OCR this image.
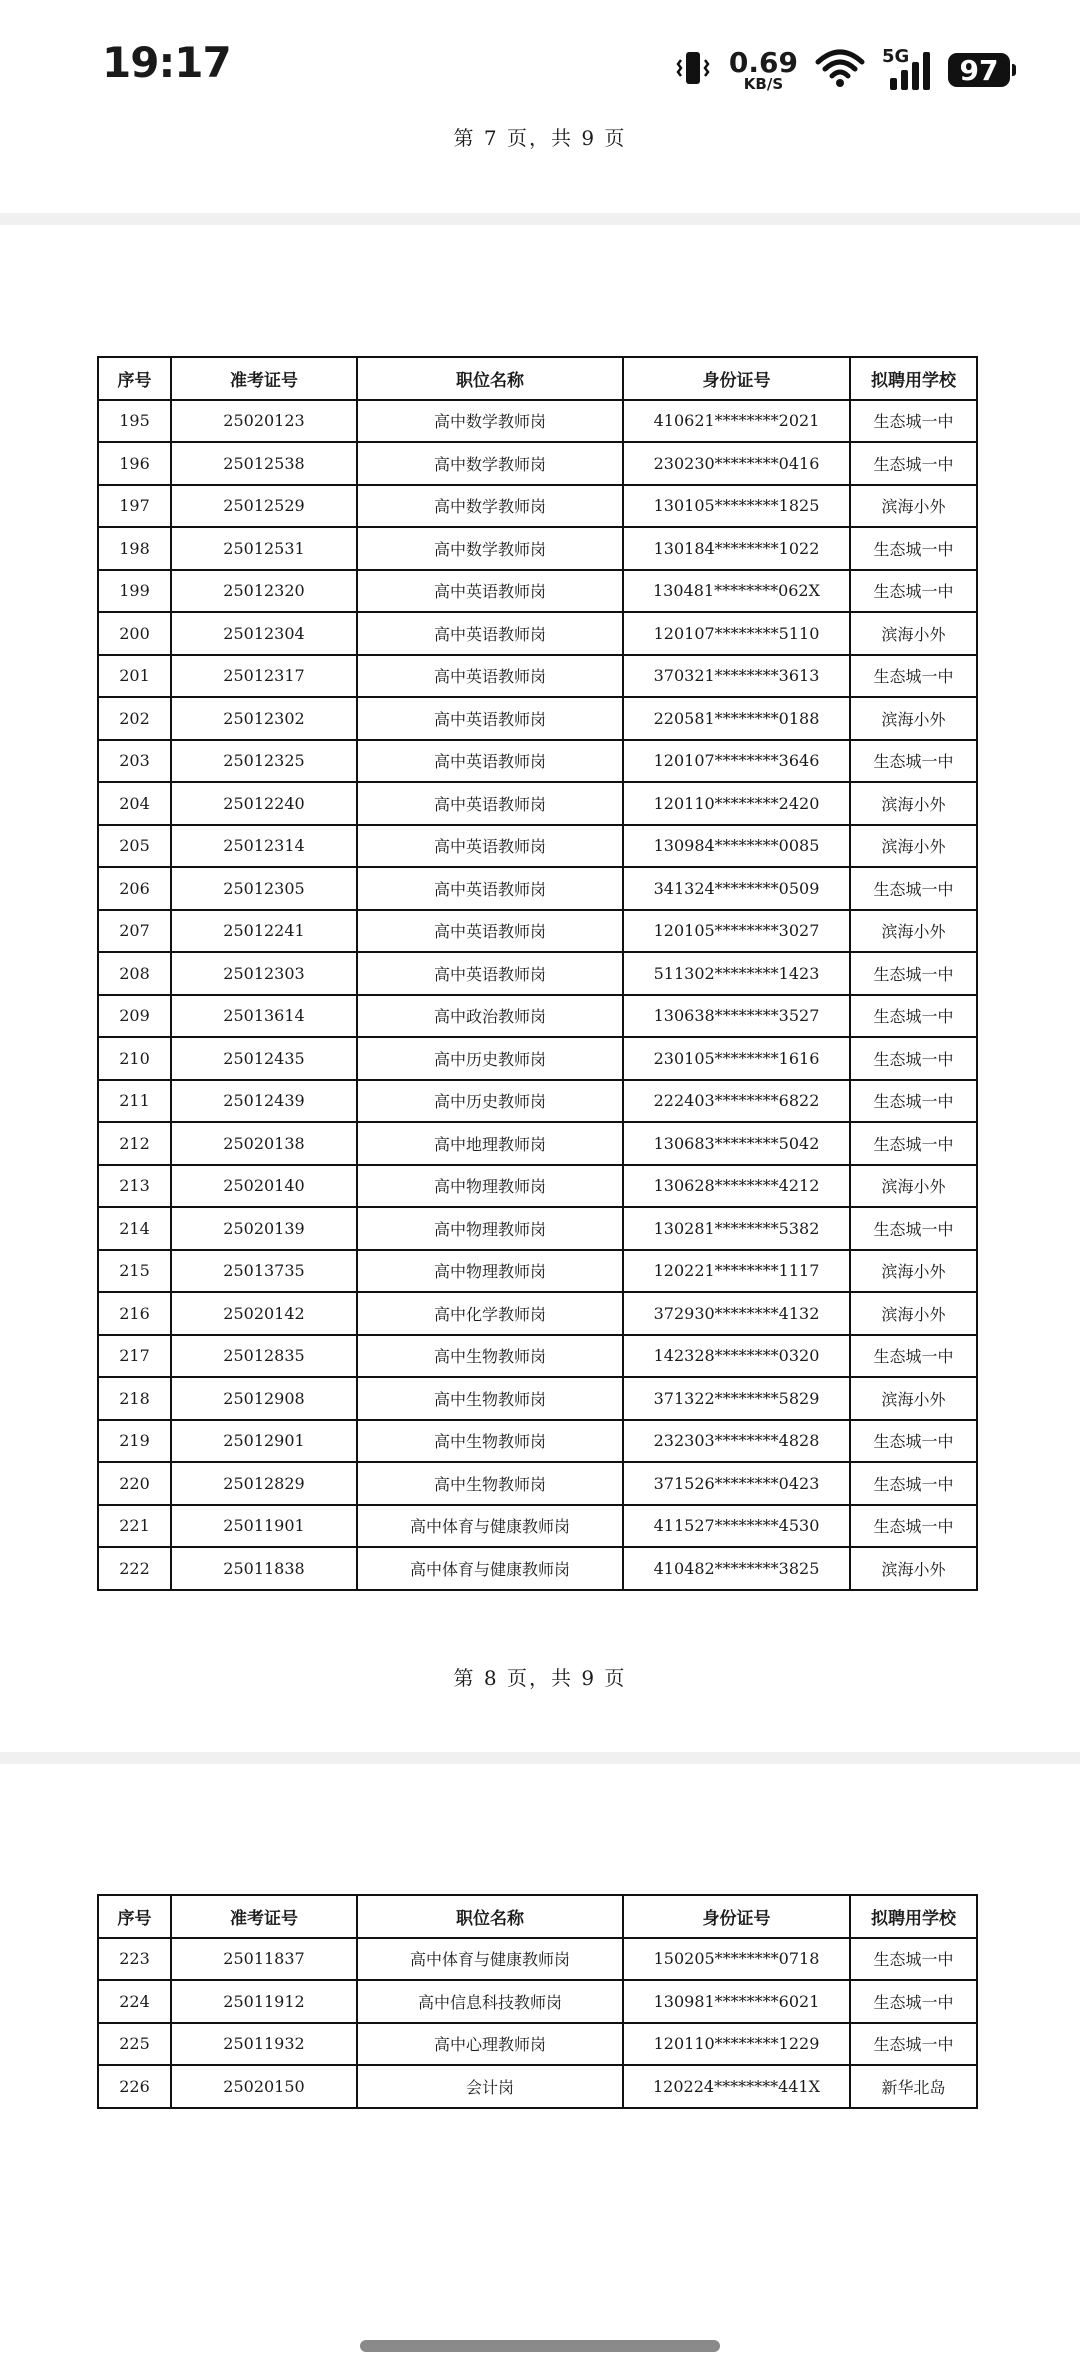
19:17	0.69
KB/S
5G 97
第 7 页，共 9 页
序号	准考证号	职位名称	身份证号	拟聘用学校
195	25020123	高中数学教师岗	410621********2021	生态城一中
196	25012538	高中数学教师岗	230230********0416	生态城一中
197	25012529	高中数学教师岗	130105********1825	滨海小外
198	25012531	高中数学教师岗	130184********1022	生态城一中
199	25012320	高中英语教师岗	130481********062X	生态城一中
200	25012304	高中英语教师岗	120107********5110	滨海小外
201	25012317	高中英语教师岗	370321********3613	生态城一中
202	25012302	高中英语教师岗	220581********0188	滨海小外
203	25012325	高中英语教师岗	120107********3646	生态城一中
204	25012240	高中英语教师岗	120110********2420	滨海小外
205	25012314	高中英语教师岗	130984********0085	滨海小外
206	25012305	高中英语教师岗	341324********0509	生态城一中
207	25012241	高中英语教师岗	120105********3027	滨海小外
208	25012303	高中英语教师岗	511302********1423	生态城一中
209	25013614	高中政治教师岗	130638********3527	生态城一中
210	25012435	高中历史教师岗	230105********1616	生态城一中
211	25012439	高中历史教师岗	222403********6822	生态城一中
212	25020138	高中地理教师岗	130683********5042	生态城一中
213	25020140	高中物理教师岗	130628********4212	滨海小外
214	25020139	高中物理教师岗	130281********5382	生态城一中
215	25013735	高中物理教师岗	120221********1117	滨海小外
216	25020142	高中化学教师岗	372930********4132	滨海小外
217	25012835	高中生物教师岗	142328********0320	生态城一中
218	25012908	高中生物教师岗	371322********5829	滨海小外
219	25012901	高中生物教师岗	232303********4828	生态城一中
220	25012829	高中生物教师岗	371526********0423	生态城一中
221	25011901	高中体育与健康教师岗	411527********4530	生态城一中
222	25011838	高中体育与健康教师岗	410482********3825	滨海小外
第 8 页，共 9 页
序号	准考证号	职位名称	身份证号	拟聘用学校
223	25011837	高中体育与健康教师岗	150205********0718	生态城一中
224	25011912	高中信息科技教师岗	130981********6021	生态城一中
225	25011932	高中心理教师岗	120110********1229	生态城一中
226	25020150	会计岗	120224********441X	新华北岛
